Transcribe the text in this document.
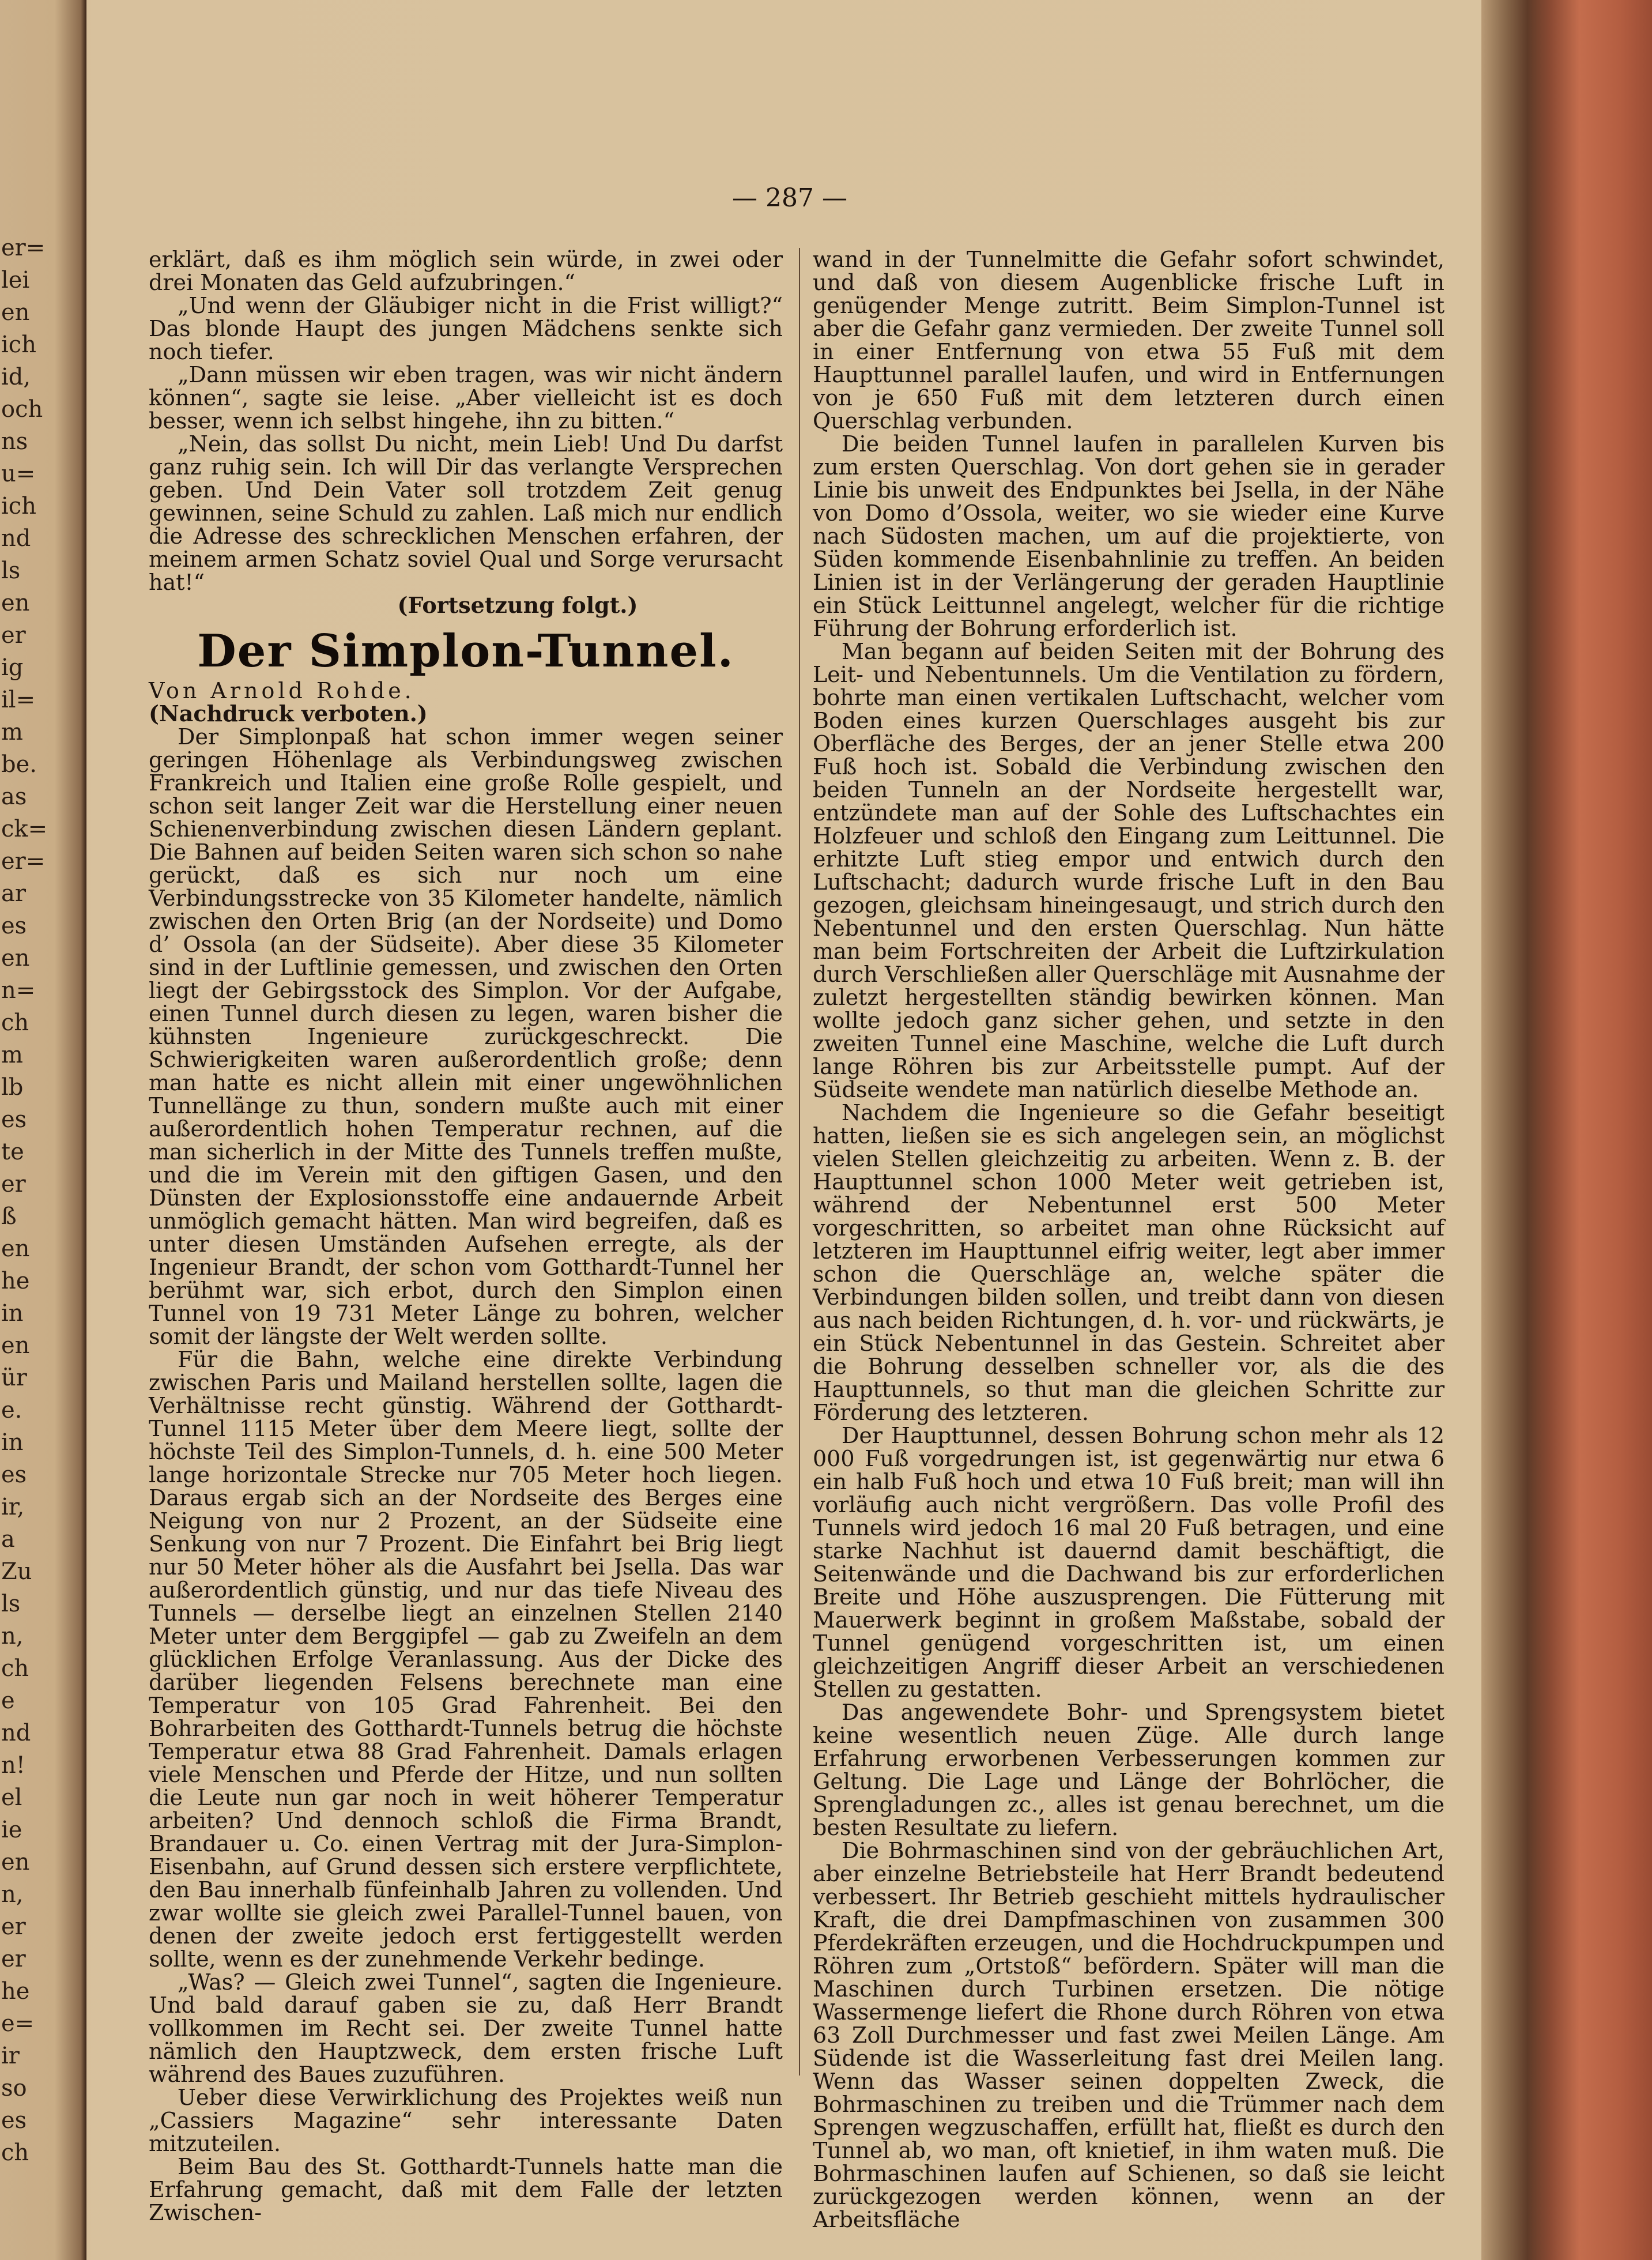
er=
lei
en
ich
id,
och
ns
u=
ich
nd
ls
en
er
ig
il=
m
be.
as
ck=
er=
ar
es
en
n=
ch
m
lb
es
te
er
ß
en
he
in
en
ür
e.
in
es
ir,
a
Zu
ls
n,
ch
e
nd
n!
el
ie
en
n,
er
er
he
e=
ir
so
es
ch
— 287 —

erklärt, daß es ihm möglich sein würde, in zwei oder drei Monaten das Geld aufzubringen.“

„Und wenn der Gläubiger nicht in die Frist willigt?“ Das blonde Haupt des jungen Mädchens senkte sich noch tiefer.

„Dann müssen wir eben tragen, was wir nicht ändern können“, sagte sie leise. „Aber vielleicht ist es doch besser, wenn ich selbst hingehe, ihn zu bitten.“

„Nein, das sollst Du nicht, mein Lieb! Und Du darfst ganz ruhig sein. Ich will Dir das verlangte Versprechen geben. Und Dein Vater soll trotzdem Zeit genug gewinnen, seine Schuld zu zahlen. Laß mich nur endlich die Adresse des schrecklichen Menschen erfahren, der meinem armen Schatz soviel Qual und Sorge verursacht hat!“

(Fortsetzung folgt.)

Der Simplon-Tunnel.

Von Arnold Rohde.

(Nachdruck verboten.)

Der Simplonpaß hat schon immer wegen seiner geringen Höhenlage als Verbindungsweg zwischen Frankreich und Italien eine große Rolle gespielt, und schon seit langer Zeit war die Herstellung einer neuen Schienenverbindung zwischen diesen Ländern geplant. Die Bahnen auf beiden Seiten waren sich schon so nahe gerückt, daß es sich nur noch um eine Verbindungsstrecke von 35 Kilometer handelte, nämlich zwischen den Orten Brig (an der Nordseite) und Domo d’ Ossola (an der Südseite). Aber diese 35 Kilometer sind in der Luftlinie gemessen, und zwischen den Orten liegt der Gebirgsstock des Simplon. Vor der Aufgabe, einen Tunnel durch diesen zu legen, waren bisher die kühnsten Ingenieure zurückgeschreckt. Die Schwierigkeiten waren außerordentlich große; denn man hatte es nicht allein mit einer ungewöhnlichen Tunnellänge zu thun, sondern mußte auch mit einer außerordentlich hohen Temperatur rechnen, auf die man sicherlich in der Mitte des Tunnels treffen mußte, und die im Verein mit den giftigen Gasen, und den Dünsten der Explosionsstoffe eine andauernde Arbeit unmöglich gemacht hätten. Man wird begreifen, daß es unter diesen Umständen Aufsehen erregte, als der Ingenieur Brandt, der schon vom Gotthardt-Tunnel her berühmt war, sich erbot, durch den Simplon einen Tunnel von 19 731 Meter Länge zu bohren, welcher somit der längste der Welt werden sollte.

Für die Bahn, welche eine direkte Verbindung zwischen Paris und Mailand herstellen sollte, lagen die Verhältnisse recht günstig. Während der Gotthardt-Tunnel 1115 Meter über dem Meere liegt, sollte der höchste Teil des Simplon-Tunnels, d. h. eine 500 Meter lange horizontale Strecke nur 705 Meter hoch liegen. Daraus ergab sich an der Nordseite des Berges eine Neigung von nur 2 Prozent, an der Südseite eine Senkung von nur 7 Prozent. Die Einfahrt bei Brig liegt nur 50 Meter höher als die Ausfahrt bei Jsella. Das war außerordentlich günstig, und nur das tiefe Niveau des Tunnels — derselbe liegt an einzelnen Stellen 2140 Meter unter dem Berggipfel — gab zu Zweifeln an dem glücklichen Erfolge Veranlassung. Aus der Dicke des darüber liegenden Felsens berechnete man eine Temperatur von 105 Grad Fahrenheit. Bei den Bohrarbeiten des Gotthardt-Tunnels betrug die höchste Temperatur etwa 88 Grad Fahrenheit. Damals erlagen viele Menschen und Pferde der Hitze, und nun sollten die Leute nun gar noch in weit höherer Temperatur arbeiten? Und dennoch schloß die Firma Brandt, Brandauer u. Co. einen Vertrag mit der Jura-Simplon-Eisenbahn, auf Grund dessen sich erstere verpflichtete, den Bau innerhalb fünfeinhalb Jahren zu vollenden. Und zwar wollte sie gleich zwei Parallel-Tunnel bauen, von denen der zweite jedoch erst fertiggestellt werden sollte, wenn es der zunehmende Verkehr bedinge.

„Was? — Gleich zwei Tunnel“, sagten die Ingenieure. Und bald darauf gaben sie zu, daß Herr Brandt vollkommen im Recht sei. Der zweite Tunnel hatte nämlich den Hauptzweck, dem ersten frische Luft während des Baues zuzuführen.

Ueber diese Verwirklichung des Projektes weiß nun „Cassiers Magazine“ sehr interessante Daten mitzuteilen.

Beim Bau des St. Gotthardt-Tunnels hatte man die Erfahrung gemacht, daß mit dem Falle der letzten Zwischen-

wand in der Tunnelmitte die Gefahr sofort schwindet, und daß von diesem Augenblicke frische Luft in genügender Menge zutritt. Beim Simplon-Tunnel ist aber die Gefahr ganz vermieden. Der zweite Tunnel soll in einer Entfernung von etwa 55 Fuß mit dem Haupttunnel parallel laufen, und wird in Entfernungen von je 650 Fuß mit dem letzteren durch einen Querschlag verbunden.

Die beiden Tunnel laufen in parallelen Kurven bis zum ersten Querschlag. Von dort gehen sie in gerader Linie bis unweit des Endpunktes bei Jsella, in der Nähe von Domo d’Ossola, weiter, wo sie wieder eine Kurve nach Südosten machen, um auf die projektierte, von Süden kommende Eisenbahnlinie zu treffen. An beiden Linien ist in der Verlängerung der geraden Hauptlinie ein Stück Leittunnel angelegt, welcher für die richtige Führung der Bohrung erforderlich ist.

Man begann auf beiden Seiten mit der Bohrung des Leit- und Nebentunnels. Um die Ventilation zu fördern, bohrte man einen vertikalen Luftschacht, welcher vom Boden eines kurzen Querschlages ausgeht bis zur Oberfläche des Berges, der an jener Stelle etwa 200 Fuß hoch ist. Sobald die Verbindung zwischen den beiden Tunneln an der Nordseite hergestellt war, entzündete man auf der Sohle des Luftschachtes ein Holzfeuer und schloß den Eingang zum Leittunnel. Die erhitzte Luft stieg empor und entwich durch den Luftschacht; dadurch wurde frische Luft in den Bau gezogen, gleichsam hineingesaugt, und strich durch den Nebentunnel und den ersten Querschlag. Nun hätte man beim Fortschreiten der Arbeit die Luftzirkulation durch Verschließen aller Querschläge mit Ausnahme der zuletzt hergestellten ständig bewirken können. Man wollte jedoch ganz sicher gehen, und setzte in den zweiten Tunnel eine Maschine, welche die Luft durch lange Röhren bis zur Arbeitsstelle pumpt. Auf der Südseite wendete man natürlich dieselbe Methode an.

Nachdem die Ingenieure so die Gefahr beseitigt hatten, ließen sie es sich angelegen sein, an möglichst vielen Stellen gleichzeitig zu arbeiten. Wenn z. B. der Haupttunnel schon 1000 Meter weit getrieben ist, während der Nebentunnel erst 500 Meter vorgeschritten, so arbeitet man ohne Rücksicht auf letzteren im Haupttunnel eifrig weiter, legt aber immer schon die Querschläge an, welche später die Verbindungen bilden sollen, und treibt dann von diesen aus nach beiden Richtungen, d. h. vor- und rückwärts, je ein Stück Nebentunnel in das Gestein. Schreitet aber die Bohrung desselben schneller vor, als die des Haupttunnels, so thut man die gleichen Schritte zur Förderung des letzteren.

Der Haupttunnel, dessen Bohrung schon mehr als 12 000 Fuß vorgedrungen ist, ist gegenwärtig nur etwa 6 ein halb Fuß hoch und etwa 10 Fuß breit; man will ihn vorläufig auch nicht vergrößern. Das volle Profil des Tunnels wird jedoch 16 mal 20 Fuß betragen, und eine starke Nachhut ist dauernd damit beschäftigt, die Seitenwände und die Dachwand bis zur erforderlichen Breite und Höhe auszusprengen. Die Fütterung mit Mauerwerk beginnt in großem Maßstabe, sobald der Tunnel genügend vorgeschritten ist, um einen gleichzeitigen Angriff dieser Arbeit an verschiedenen Stellen zu gestatten.

Das angewendete Bohr- und Sprengsystem bietet keine wesentlich neuen Züge. Alle durch lange Erfahrung erworbenen Verbesserungen kommen zur Geltung. Die Lage und Länge der Bohrlöcher, die Sprengladungen zc., alles ist genau berechnet, um die besten Resultate zu liefern.

Die Bohrmaschinen sind von der gebräuchlichen Art, aber einzelne Betriebsteile hat Herr Brandt bedeutend verbessert. Ihr Betrieb geschieht mittels hydraulischer Kraft, die drei Dampfmaschinen von zusammen 300 Pferdekräften erzeugen, und die Hochdruckpumpen und Röhren zum „Ortstoß“ befördern. Später will man die Maschinen durch Turbinen ersetzen. Die nötige Wassermenge liefert die Rhone durch Röhren von etwa 63 Zoll Durchmesser und fast zwei Meilen Länge. Am Südende ist die Wasserleitung fast drei Meilen lang. Wenn das Wasser seinen doppelten Zweck, die Bohrmaschinen zu treiben und die Trümmer nach dem Sprengen wegzuschaffen, erfüllt hat, fließt es durch den Tunnel ab, wo man, oft knietief, in ihm waten muß. Die Bohrmaschinen laufen auf Schienen, so daß sie leicht zurückgezogen werden können, wenn an der Arbeitsfläche
